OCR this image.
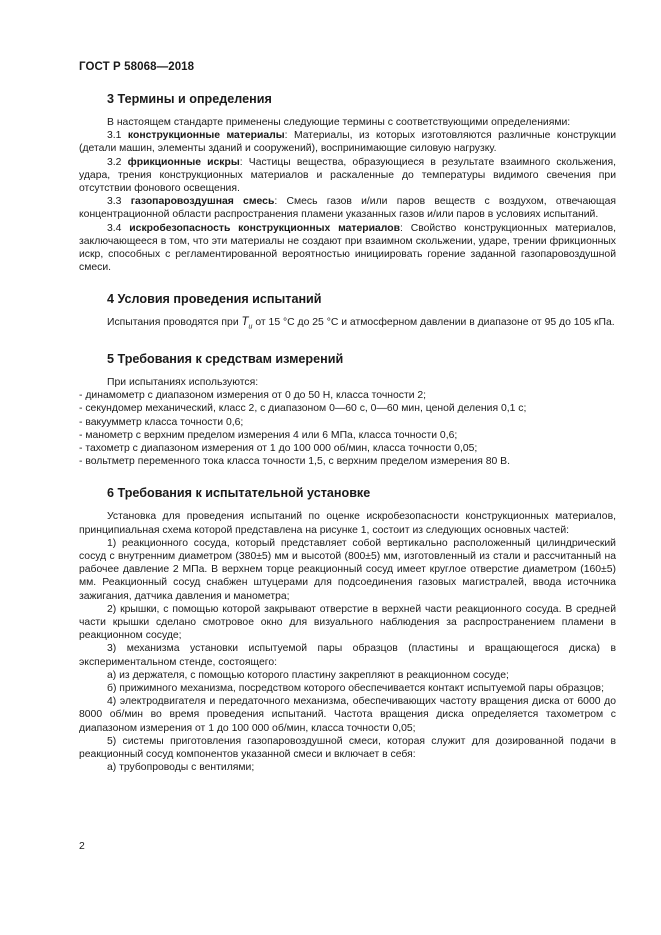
ГОСТ Р 58068—2018
3 Термины и определения

В настоящем стандарте применены следующие термины с соответствующими определениями:

3.1 конструкционные материалы: Материалы, из которых изготовляются различные конструкции (детали машин, элементы зданий и сооружений), воспринимающие силовую нагрузку.

3.2 фрикционные искры: Частицы вещества, образующиеся в результате взаимного скольжения, удара, трения конструкционных материалов и раскаленные до температуры видимого свечения при отсутствии фонового освещения.

3.3 газопаровоздушная смесь: Смесь газов и/или паров веществ с воздухом, отвечающая концентрационной области распространения пламени указанных газов и/или паров в условиях испытаний.

3.4 искробезопасность конструкционных материалов: Свойство конструкционных материалов, заключающееся в том, что эти материалы не создают при взаимном скольжении, ударе, трении фрикционных искр, способных с регламентированной вероятностью инициировать горение заданной газопаровоздушной смеси.

4 Условия проведения испытаний

Испытания проводятся при $T_и$ от 15 °С до 25 °С и атмосферном давлении в диапазоне от 95 до 105 кПа.

5 Требования к средствам измерений

При испытаниях используются:

- динамометр с диапазоном измерения от 0 до 50 Н, класса точности 2;

- секундомер механический, класс 2, с диапазоном 0—60 с, 0—60 мин, ценой деления 0,1 с;

- вакуумметр класса точности 0,6;

- манометр с верхним пределом измерения 4 или 6 МПа, класса точности 0,6;

- тахометр с диапазоном измерения от 1 до 100 000 об/мин, класса точности 0,05;

- вольтметр переменного тока класса точности 1,5, с верхним пределом измерения 80 В.

6 Требования к испытательной установке

Установка для проведения испытаний по оценке искробезопасности конструкционных материалов, принципиальная схема которой представлена на рисунке 1, состоит из следующих основных частей:

1) реакционного сосуда, который представляет собой вертикально расположенный цилиндрический сосуд с внутренним диаметром (380±5) мм и высотой (800±5) мм, изготовленный из стали и рассчитанный на рабочее давление 2 МПа. В верхнем торце реакционный сосуд имеет круглое отверстие диаметром (160±5) мм. Реакционный сосуд снабжен штуцерами для подсоединения газовых магистралей, ввода источника зажигания, датчика давления и манометра;

2) крышки, с помощью которой закрывают отверстие в верхней части реакционного сосуда. В средней части крышки сделано смотровое окно для визуального наблюдения за распространением пламени в реакционном сосуде;

3) механизма установки испытуемой пары образцов (пластины и вращающегося диска) в экспериментальном стенде, состоящего:

а) из держателя, с помощью которого пластину закрепляют в реакционном сосуде;

б) прижимного механизма, посредством которого обеспечивается контакт испытуемой пары образцов;

4) электродвигателя и передаточного механизма, обеспечивающих частоту вращения диска от 6000 до 8000 об/мин во время проведения испытаний. Частота вращения диска определяется тахометром с диапазоном измерения от 1 до 100 000 об/мин, класса точности 0,05;

5) системы приготовления газопаровоздушной смеси, которая служит для дозированной подачи в реакционный сосуд компонентов указанной смеси и включает в себя:

а) трубопроводы с вентилями;

2
